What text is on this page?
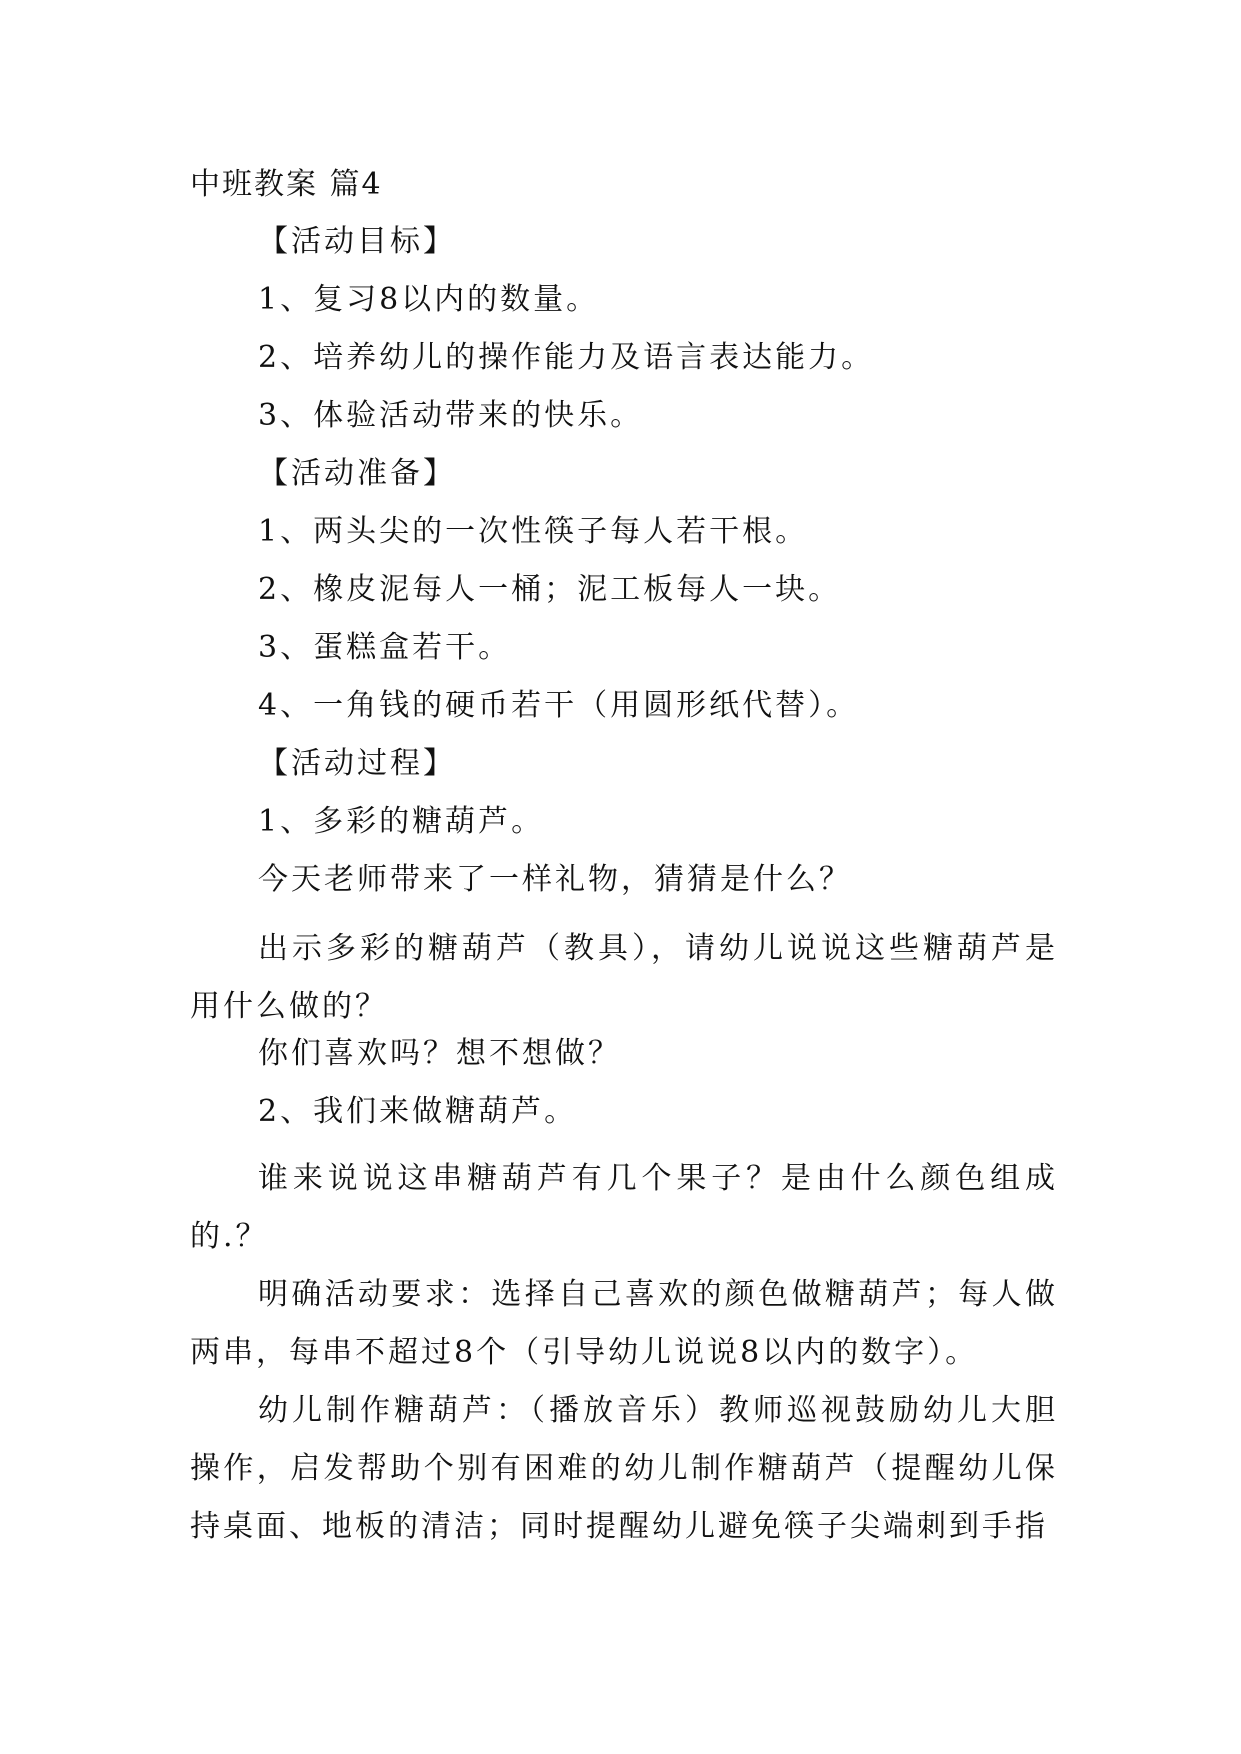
中班教案 篇4
【活动目标】
1、复习8以内的数量。
2、培养幼儿的操作能力及语言表达能力。
3、体验活动带来的快乐。
【活动准备】
1、两头尖的一次性筷子每人若干根。
2、橡皮泥每人一桶；泥工板每人一块。
3、蛋糕盒若干。
4、一角钱的硬币若干（用圆形纸代替）。
【活动过程】
1、多彩的糖葫芦。
今天老师带来了一样礼物，猜猜是什么？
出示多彩的糖葫芦（教具），请幼儿说说这些糖葫芦是用什么做的？
你们喜欢吗？想不想做？
2、我们来做糖葫芦。
谁来说说这串糖葫芦有几个果子？是由什么颜色组成的.？
明确活动要求：选择自己喜欢的颜色做糖葫芦；每人做两串，每串不超过8个（引导幼儿说说8以内的数字）。
幼儿制作糖葫芦：（播放音乐）教师巡视鼓励幼儿大胆操作，启发帮助个别有困难的幼儿制作糖葫芦（提醒幼儿保持桌面、地板的清洁；同时提醒幼儿避免筷子尖端刺到手指
